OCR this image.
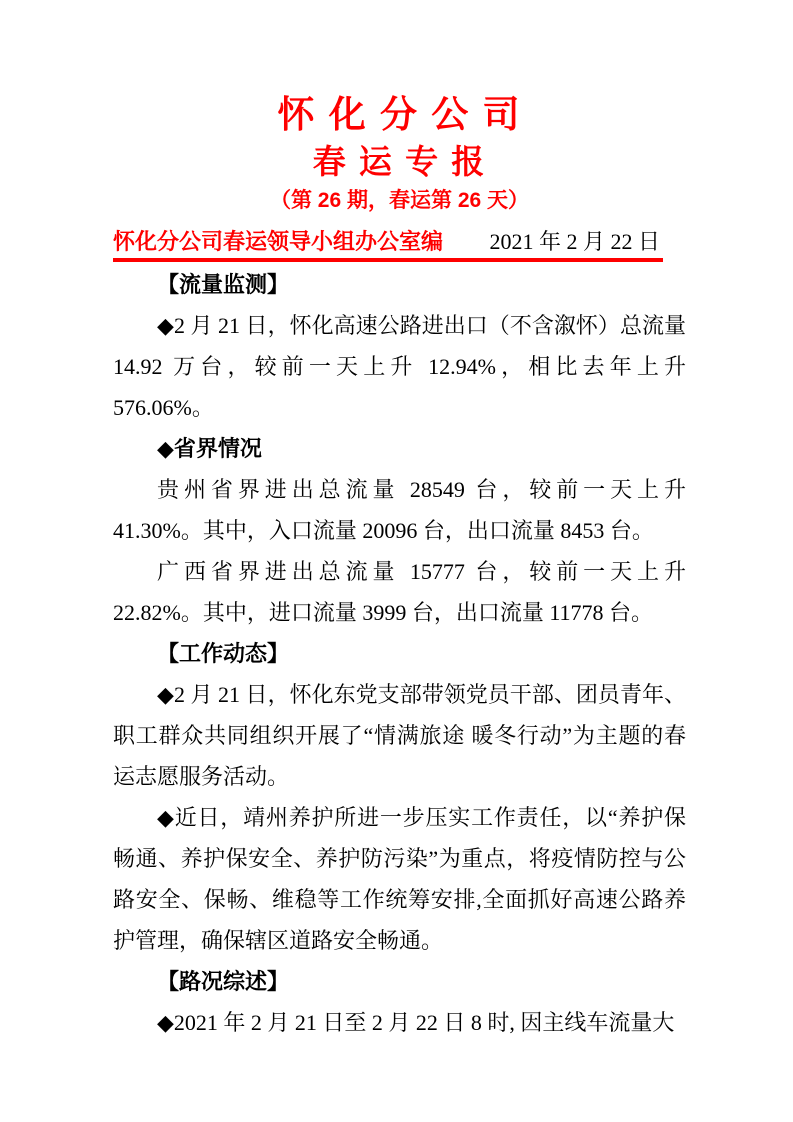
怀 化 分 公 司
春 运 专 报
（第 26 期，春运第 26 天）
怀化分公司春运领导小组办公室编 2021 年 2 月 22 日
【流量监测】
◆2 月 21 日，怀化高速公路进出口（不含溆怀）总流量 14.92 万台，较前一天上升 12.94%，相比去年上升 576.06%。
◆省界情况
贵州省界进出总流量 28549 台，较前一天上升 41.30%。其中，入口流量 20096 台，出口流量 8453 台。
广西省界进出总流量 15777 台，较前一天上升 22.82%。其中，进口流量 3999 台，出口流量 11778 台。
【工作动态】
◆2 月 21 日，怀化东党支部带领党员干部、团员青年、职工群众共同组织开展了“情满旅途 暖冬行动”为主题的春运志愿服务活动。
◆近日，靖州养护所进一步压实工作责任，以“养护保畅通、养护保安全、养护防污染”为重点，将疫情防控与公路安全、保畅、维稳等工作统筹安排,全面抓好高速公路养护管理，确保辖区道路安全畅通。
【路况综述】
◆2021 年 2 月 21 日至 2 月 22 日 8 时, 因主线车流量大
